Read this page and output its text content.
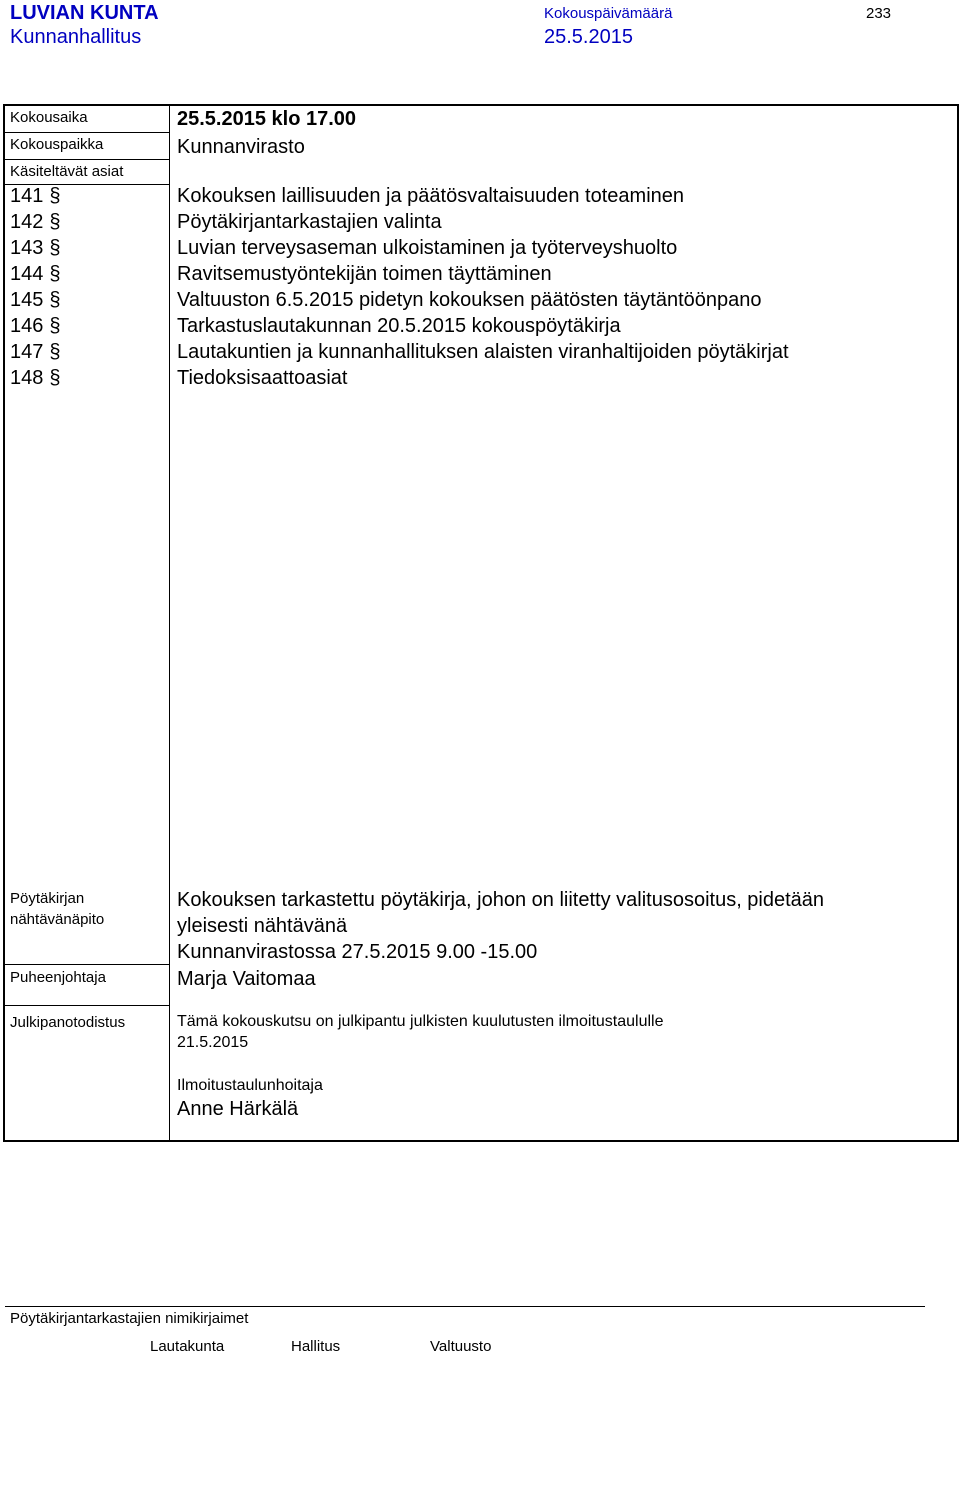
LUVIAN KUNTA
Kunnanhallitus
Kokouspäivämäärä
25.5.2015
233
Kokousaika	25.5.2015 klo 17.00
Kokouspaikka	Kunnanvirasto
Käsiteltävät asiat
141 §	Kokouksen laillisuuden ja päätösvaltaisuuden toteaminen
142 §	Pöytäkirjantarkastajien valinta
143 §	Luvian terveysaseman ulkoistaminen ja työterveyshuolto
144 §	Ravitsemustyöntekijän toimen täyttäminen
145 §	Valtuuston 6.5.2015 pidetyn kokouksen päätösten täytäntöönpano
146 §	Tarkastuslautakunnan 20.5.2015 kokouspöytäkirja
147 §	Lautakuntien ja kunnanhallituksen alaisten viranhaltijoiden pöytäkirjat
148 §	Tiedoksisaattoasiat
Pöytäkirjan
nähtävänäpito
Kokouksen tarkastettu pöytäkirja, johon on liitetty valitusosoitus, pidetään
yleisesti nähtävänä
Kunnanvirastossa 27.5.2015 9.00 -15.00
Puheenjohtaja	Marja Vaitomaa
Julkipanotodistus	Tämä kokouskutsu on julkipantu julkisten kuulutusten ilmoitustaululle
21.5.2015
Ilmoitustaulunhoitaja
Anne Härkälä
Pöytäkirjantarkastajien nimikirjaimet
Lautakunta	Hallitus	Valtuusto
